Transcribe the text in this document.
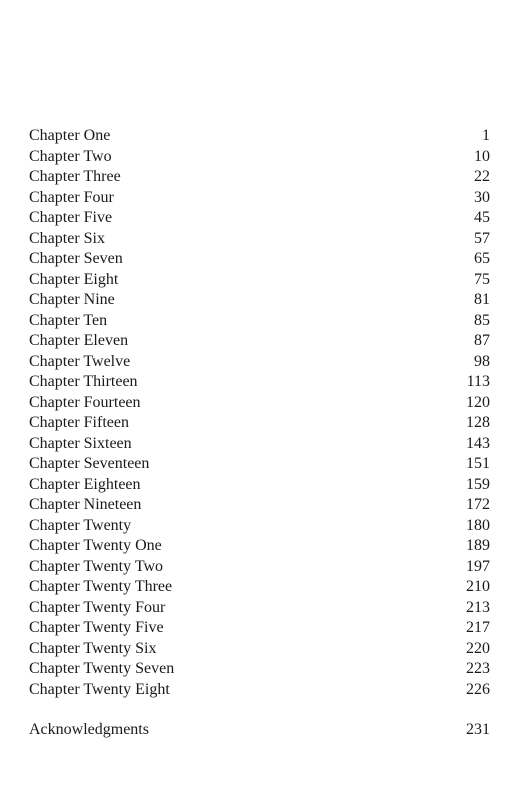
Chapter One	1
Chapter Two	10
Chapter Three	22
Chapter Four	30
Chapter Five	45
Chapter Six	57
Chapter Seven	65
Chapter Eight	75
Chapter Nine	81
Chapter Ten	85
Chapter Eleven	87
Chapter Twelve	98
Chapter Thirteen	113
Chapter Fourteen	120
Chapter Fifteen	128
Chapter Sixteen	143
Chapter Seventeen	151
Chapter Eighteen	159
Chapter Nineteen	172
Chapter Twenty	180
Chapter Twenty One	189
Chapter Twenty Two	197
Chapter Twenty Three	210
Chapter Twenty Four	213
Chapter Twenty Five	217
Chapter Twenty Six	220
Chapter Twenty Seven	223
Chapter Twenty Eight	226
Acknowledgments	231
